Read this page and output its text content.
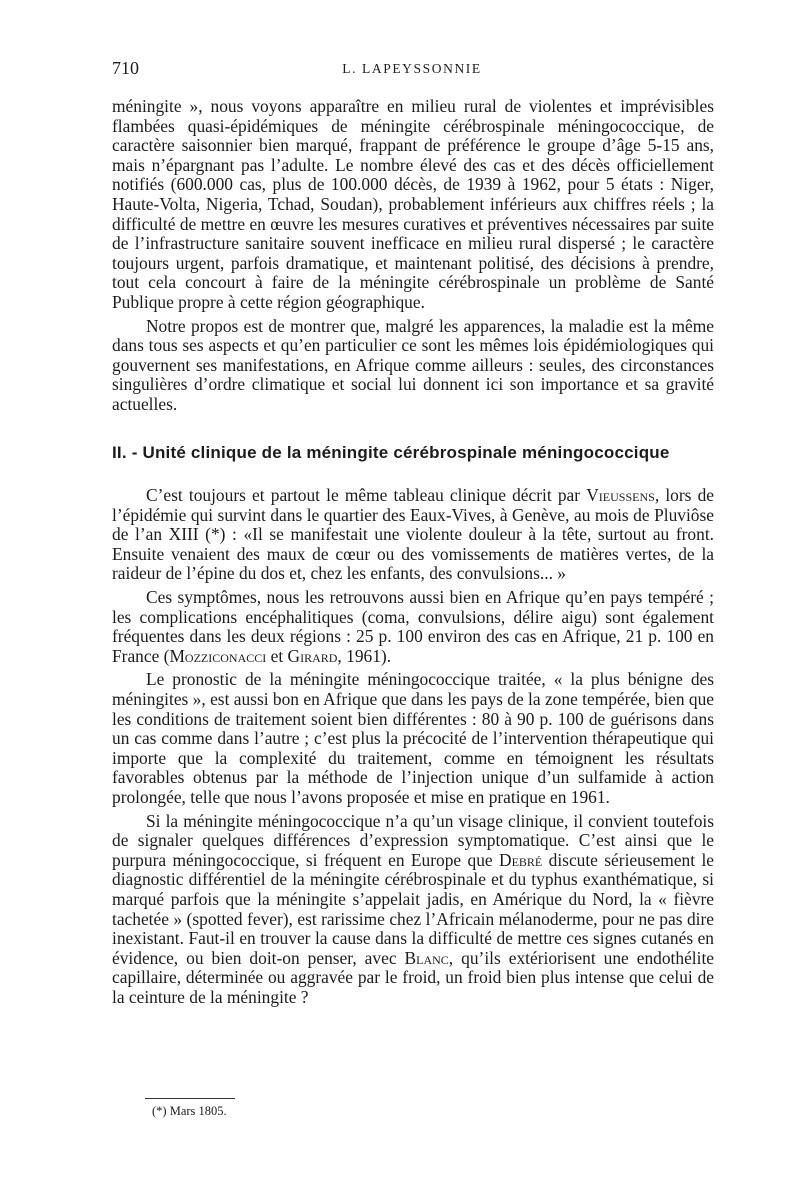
710	L. LAPEYSSONNIE

méningite », nous voyons apparaître en milieu rural de violentes et imprévisibles flambées quasi-épidémiques de méningite cérébrospinale méningococcique, de caractère saisonnier bien marqué, frappant de préférence le groupe d’âge 5-15 ans, mais n’épargnant pas l’adulte. Le nombre élevé des cas et des décès officiellement notifiés (600.000 cas, plus de 100.000 décès, de 1939 à 1962, pour 5 états : Niger, Haute-Volta, Nigeria, Tchad, Soudan), probablement inférieurs aux chiffres réels ; la difficulté de mettre en œuvre les mesures curatives et préventives nécessaires par suite de l’infrastructure sanitaire souvent inefficace en milieu rural dispersé ; le caractère toujours urgent, parfois dramatique, et maintenant politisé, des décisions à prendre, tout cela concourt à faire de la méningite cérébrospinale un problème de Santé Publique propre à cette région géographique.

Notre propos est de montrer que, malgré les apparences, la maladie est la même dans tous ses aspects et qu’en particulier ce sont les mêmes lois épidémiologiques qui gouvernent ses manifestations, en Afrique comme ailleurs : seules, des circonstances singulières d’ordre climatique et social lui donnent ici son importance et sa gravité actuelles.

II. - Unité clinique de la méningite cérébrospinale méningococcique

C’est toujours et partout le même tableau clinique décrit par Vieussens, lors de l’épidémie qui survint dans le quartier des Eaux-Vives, à Genève, au mois de Pluviôse de l’an XIII (*) : «Il se manifestait une violente douleur à la tête, surtout au front. Ensuite venaient des maux de cœur ou des vomissements de matières vertes, de la raideur de l’épine du dos et, chez les enfants, des convulsions... »

Ces symptômes, nous les retrouvons aussi bien en Afrique qu’en pays tempéré ; les complications encéphalitiques (coma, convulsions, délire aigu) sont également fréquentes dans les deux régions : 25 p. 100 environ des cas en Afrique, 21 p. 100 en France (Mozziconacci et Girard, 1961).

Le pronostic de la méningite méningococcique traitée, « la plus bénigne des méningites », est aussi bon en Afrique que dans les pays de la zone tempérée, bien que les conditions de traitement soient bien différentes : 80 à 90 p. 100 de guérisons dans un cas comme dans l’autre ; c’est plus la précocité de l’intervention thérapeutique qui importe que la complexité du traitement, comme en témoignent les résultats favorables obtenus par la méthode de l’injection unique d’un sulfamide à action prolongée, telle que nous l’avons proposée et mise en pratique en 1961.

Si la méningite méningococcique n’a qu’un visage clinique, il convient toutefois de signaler quelques différences d’expression symptomatique. C’est ainsi que le purpura méningococcique, si fréquent en Europe que Debré discute sérieusement le diagnostic différentiel de la méningite cérébrospinale et du typhus exanthématique, si marqué parfois que la méningite s’appelait jadis, en Amérique du Nord, la « fièvre tachetée » (spotted fever), est rarissime chez l’Africain mélanoderme, pour ne pas dire inexistant. Faut-il en trouver la cause dans la difficulté de mettre ces signes cutanés en évidence, ou bien doit-on penser, avec Blanc, qu’ils extériorisent une endothélite capillaire, déterminée ou aggravée par le froid, un froid bien plus intense que celui de la ceinture de la méningite ?

(*) Mars 1805.
